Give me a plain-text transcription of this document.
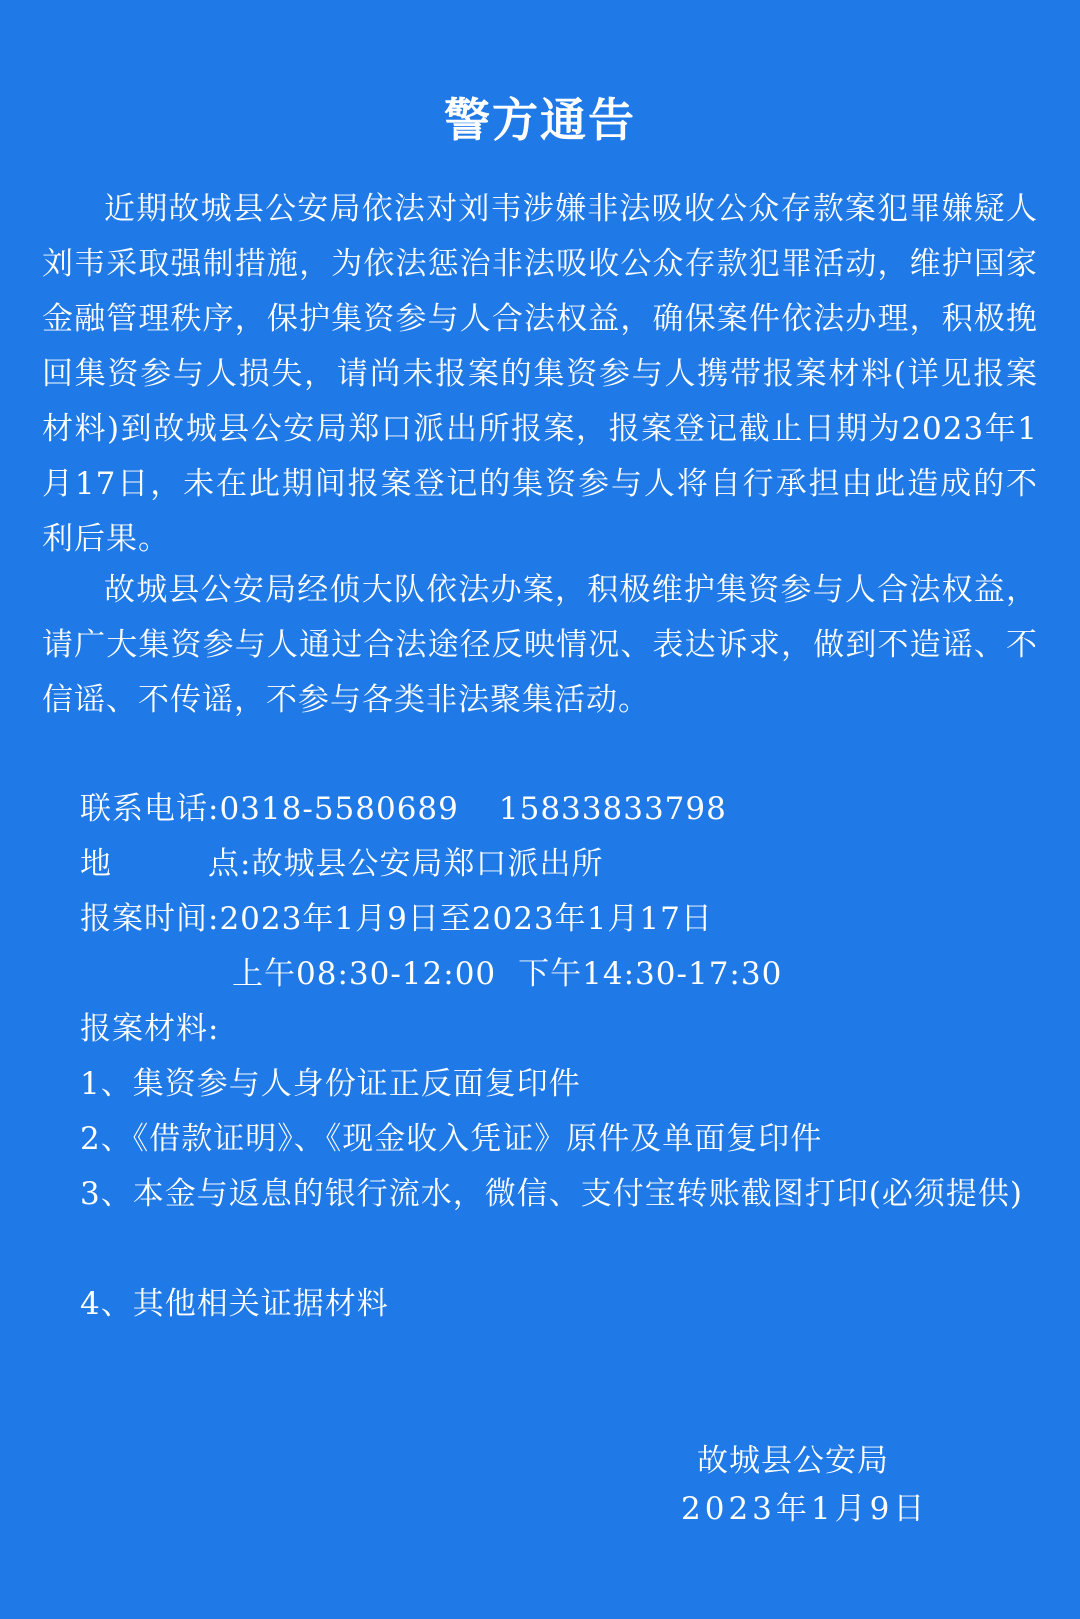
警方通告

近期故城县公安局依法对刘韦涉嫌非法吸收公众存款案犯罪嫌疑人刘韦采取强制措施，为依法惩治非法吸收公众存款犯罪活动，维护国家金融管理秩序，保护集资参与人合法权益，确保案件依法办理，积极挽回集资参与人损失，请尚未报案的集资参与人携带报案材料(详见报案材料)到故城县公安局郑口派出所报案，报案登记截止日期为2023年1月17日，未在此期间报案登记的集资参与人将自行承担由此造成的不利后果。

故城县公安局经侦大队依法办案，积极维护集资参与人合法权益，请广大集资参与人通过合法途径反映情况、表达诉求，做到不造谣、不信谣、不传谣，不参与各类非法聚集活动。

联系电话:0318-5580689 15833833798
地	点 :故城县公安局郑口派出所
报案时间:2023年1月9日至2023年1月17日
上午08:30-12:00 下午14:30-17:30
报案材料:

1、集资参与人身份证正反面复印件

2、《借款证明》、《现金收入凭证》原件及单面复印件

3、本金与返息的银行流水，微信、支付宝转账截图打印(必须提供)

4、其他相关证据材料

故城县公安局
2023年1月9日
